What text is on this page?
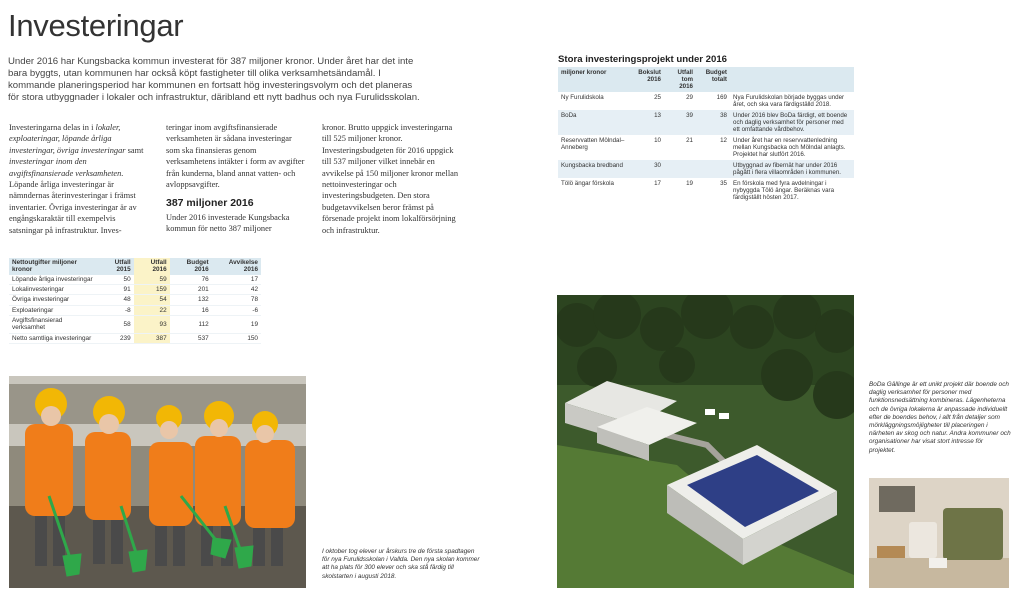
Investeringar
Under 2016 har Kungsbacka kommun investerat för 387 miljoner kronor. Under året har det inte bara byggts, utan kommunen har också köpt fastigheter till olika verksamhetsändamål. I kommande planeringsperiod har kommunen en fortsatt hög investeringsvolym och det planeras för stora utbyggnader i lokaler och infrastruktur, däribland ett nytt badhus och nya Furulidsskolan.
Investeringarna delas in i lokaler, exploateringar, löpande årliga investeringar, övriga investeringar samt investeringar inom den avgiftsfinansierade verksamheten. Löpande årliga investeringar är nämndernas återinvesteringar i främst inventarier. Övriga investeringar är av engångskaraktär till exempelvis satsningar på infrastruktur. Inves-
teringar inom avgiftsfinansierade verksamheten är sådana investeringar som ska finansieras genom verksamhetens intäkter i form av avgifter från kunderna, bland annat vatten- och avloppsavgifter.
387 miljoner 2016
Under 2016 investerade Kungsbacka kommun för netto 387 miljoner
kronor. Brutto uppgick investeringarna till 525 miljoner kronor. Investeringsbudgeten för 2016 uppgick till 537 miljoner vilket innebär en avvikelse på 150 miljoner kronor mellan nettoinvesteringar och investeringsbudgeten. Den stora budgetavvikelsen beror främst på försenade projekt inom lokalförsörjning och infrastruktur.
Nettoutgifter miljoner kronor	Utfall 2015	Utfall 2016	Budget 2016	Avvikelse 2016
Löpande årliga investeringar	50	59	76	17
Lokalinvesteringar	91	159	201	42
Övriga investeringar	48	54	132	78
Exploateringar	-8	22	16	-6
Avgiftsfinansierad verksamhet	58	93	112	19
Netto samtliga investeringar	239	387	537	150
I oktober tog elever ur årskurs tre de första spadtagen för nya Furulidsskolan i Vallda. Den nya skolan kommer att ha plats för 300 elever och ska stå färdig till skolstarten i augusti 2018.
Stora investeringsprojekt under 2016
miljoner kronor	Bokslut 2016	Utfall tom 2016	Budget totalt	
Ny Furulidskola	25	29	169	Nya Furulidskolan började byggas under året, och ska vara färdigställd 2018.
BoDa	13	39	38	Under 2016 blev BoDa färdigt, ett boende och daglig verksamhet för personer med ett omfattande vårdbehov.
Reservvatten Mölndal–Anneberg	10	21	12	Under året har en reservvattenledning mellan Kungsbacka och Mölndal anlagts. Projektet har slutfört 2016.
Kungsbacka bredband	30			Utbyggnad av fibernät har under 2016 pågått i flera villaområden i kommunen.
Tölö ängar förskola	17	19	35	En förskola med fyra avdelningar i nybyggda Tölö ängar. Beräknas vara färdigställt hösten 2017.
BoDa Gällinge är ett unikt projekt där boende och daglig verksamhet för personer med funktionsnedsättning kombineras. Lägenheterna och de övriga lokalerna är anpassade individuellt efter de boendes behov, i allt från detaljer som mörkläggningsmöjligheter till placeringen i närheten av skog och natur. Andra kommuner och organisationer har visat stort intresse för projektet.
